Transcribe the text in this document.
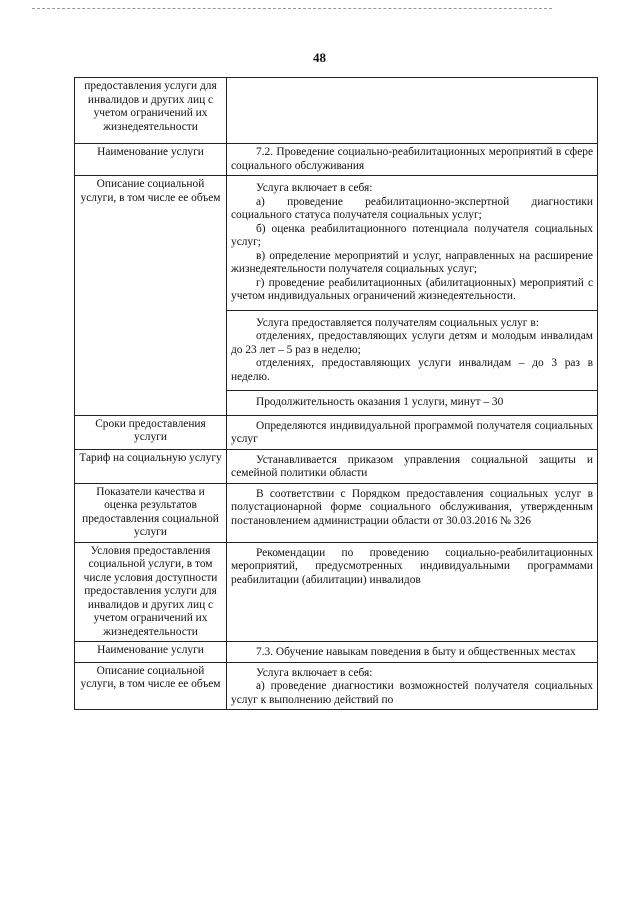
48
предоставления услуги для инвалидов и других лиц с учетом ограничений их жизнедеятельности	
Наименование услуги	7.2. Проведение социально-реабилитационных мероприятий в сфере социального обслуживания

Описание социальной услуги, в том числе ее объем	Услуга включает в себя:

а) проведение реабилитационно-экспертной диагностики социального статуса получателя социальных услуг;

б) оценка реабилитационного потенциала получателя социальных услуг;

в) определение мероприятий и услуг, направленных на расширение жизнедеятельности получателя социальных услуг;

г) проведение реабилитационных (абилитационных) мероприятий с учетом индивидуальных ограничений жизнедеятельности.

	Услуга предоставляется получателям социальных услуг в:

отделениях, предоставляющих услуги детям и молодым инвалидам до 23 лет – 5 раз в неделю;

отделениях, предоставляющих услуги инвалидам – до 3 раз в неделю.

	Продолжительность оказания 1 услуги, минут – 30

Сроки предоставления услуги	Определяются индивидуальной программой получателя социальных услуг

Тариф на социальную услугу	Устанавливается приказом управления социальной защиты и семейной политики области

Показатели качества и оценка результатов предоставления социальной услуги	В соответствии с Порядком предоставления социальных услуг в полустационарной форме социального обслуживания, утвержденным постановлением администрации области от 30.03.2016 № 326

Условия предоставления социальной услуги, в том числе условия доступности предоставления услуги для инвалидов и других лиц с учетом ограничений их жизнедеятельности	Рекомендации по проведению социально-реабилитационных мероприятий, предусмотренных индивидуальными программами реабилитации (абилитации) инвалидов

Наименование услуги	7.3. Обучение навыкам поведения в быту и общественных местах

Описание социальной услуги, в том числе ее объем	Услуга включает в себя:

а) проведение диагностики возможностей получателя социальных услуг к выполнению действий по
